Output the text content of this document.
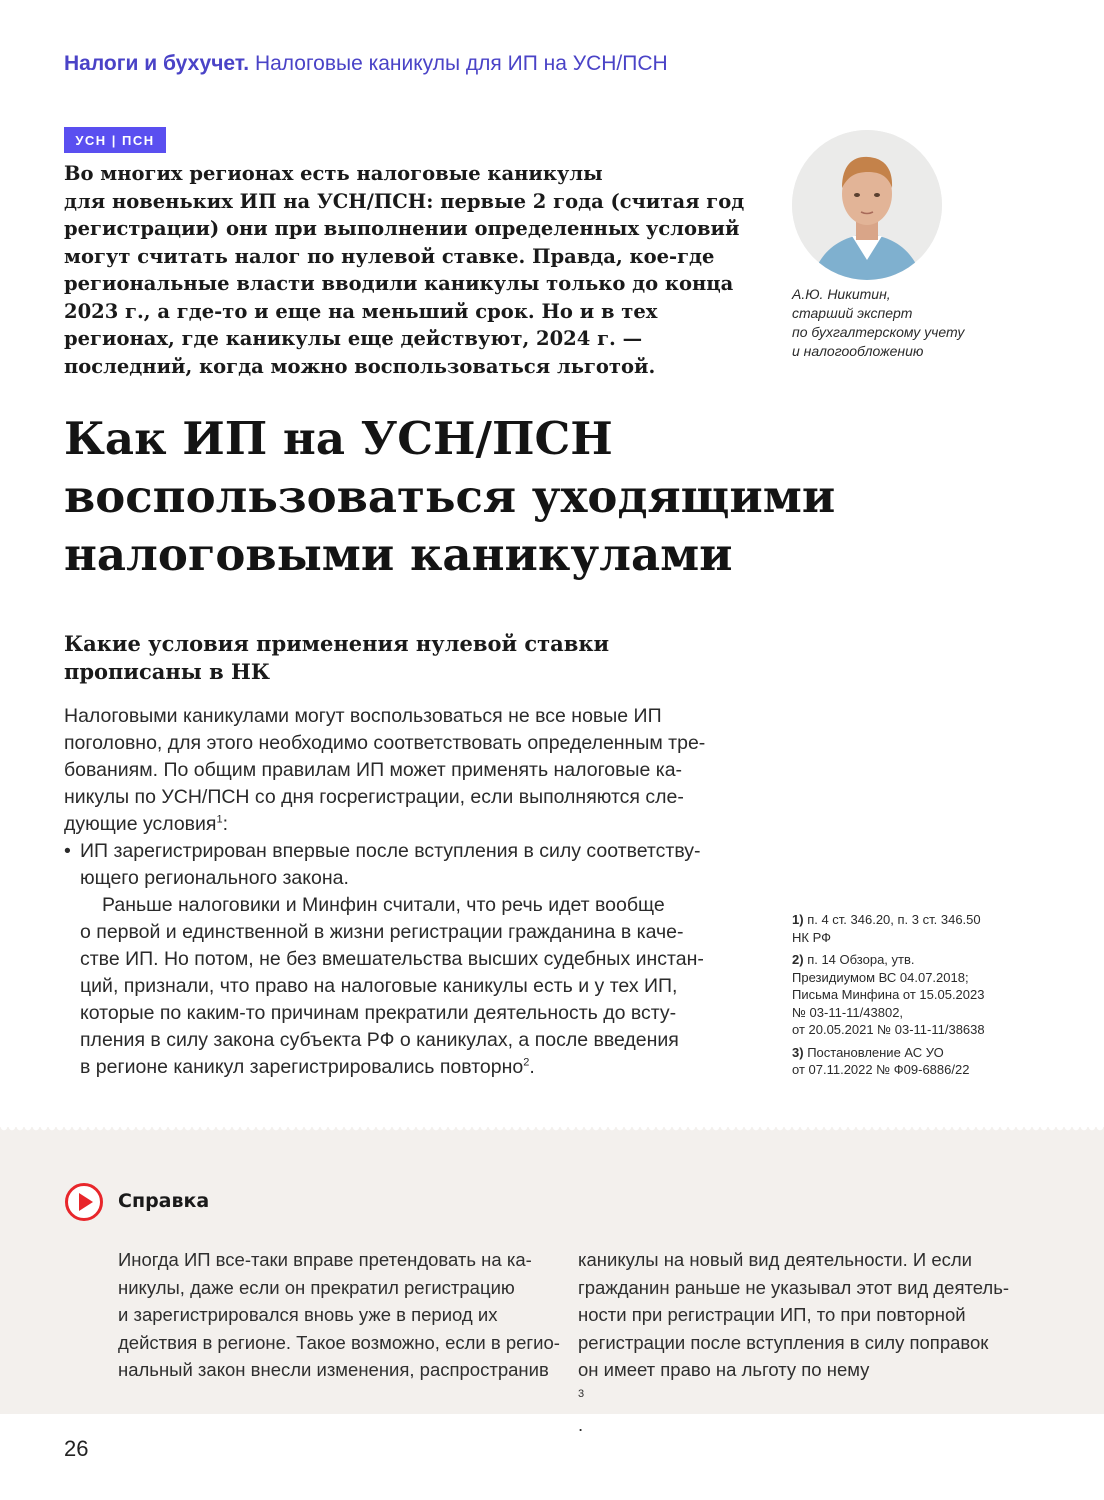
Налоги и бухучет. Налоговые каникулы для ИП на УСН/ПСН
УСН | ПСН

Во многих регионах есть налоговые каникулы
для новеньких ИП на УСН/ПСН: первые 2 года (считая год
регистрации) они при выполнении определенных условий
могут считать налог по нулевой ставке. Правда, кое-где
региональные власти вводили каникулы только до конца
2023 г., а где-то и еще на меньший срок. Но и в тех
регионах, где каникулы еще действуют, 2024 г. —
последний, когда можно воспользоваться льготой.

А.Ю. Никитин,
старший эксперт
по бухгалтерскому учету
и налогообложению
Как ИП на УСН/ПСН
воспользоваться уходящими
налоговыми каникулами
Какие условия применения нулевой ставки
прописаны в НК
Налоговыми каникулами могут воспользоваться не все новые ИП
поголовно, для этого необходимо соответствовать определенным тре-
бованиям. По общим правилам ИП может применять налоговые ка-
никулы по УСН/ПСН со дня госрегистрации, если выполняются сле-
дующие условия$^1$:
• ИП зарегистрирован впервые после вступления в силу соответству-
ющего регионального закона.
Раньше налоговики и Минфин считали, что речь идет вообще
о первой и единственной в жизни регистрации гражданина в каче-
стве ИП. Но потом, не без вмешательства высших судебных инстан-
ций, признали, что право на налоговые каникулы есть и у тех ИП,
которые по каким-то причинам прекратили деятельность до всту-
пления в силу закона субъекта РФ о каникулах, а после введения
в регионе каникул зарегистрировались повторно$^2$.
1) п. 4 ст. 346.20, п. 3 ст. 346.50
НК РФ
2) п. 14 Обзора, утв.
Президиумом ВС 04.07.2018;
Письма Минфина от 15.05.2023
№ 03-11-11/43802,
от 20.05.2021 № 03-11-11/38638
3) Постановление АС УО
от 07.11.2022 № Ф09-6886/22
Справка
Иногда ИП все-таки вправе претендовать на ка-
никулы, даже если он прекратил регистрацию
и зарегистрировался вновь уже в период их
действия в регионе. Такое возможно, если в регио-
нальный закон внесли изменения, распространив
каникулы на новый вид деятельности. И если
гражданин раньше не указывал этот вид деятель-
ности при регистрации ИП, то при повторной
регистрации после вступления в силу поправок
он имеет право на льготу по нему
$^3$
.
26
